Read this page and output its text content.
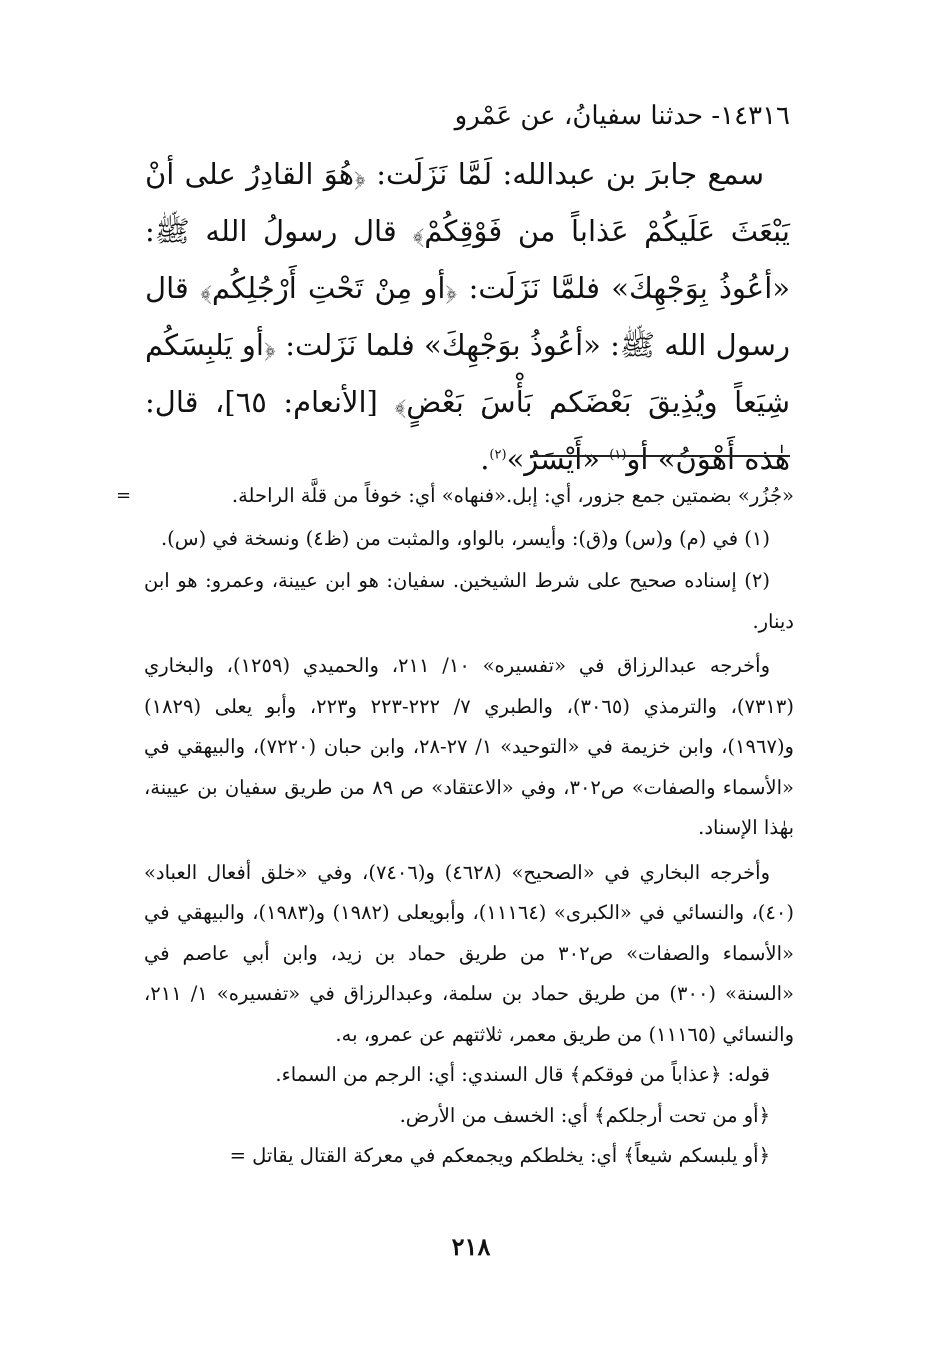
١٤٣١٦- حدثنا سفيانُ، عن عَمْرو

سمع جابرَ بن عبدالله: لَمَّا نَزَلَت: ﴿هُوَ القادِرُ على أنْ يَبْعَثَ عَلَيكُمْ عَذاباً من فَوْقِكُمْ﴾ قال رسولُ الله ﷺ: «أعُوذُ بِوَجْهِكَ» فلمَّا نَزَلَت: ﴿أو مِنْ تَحْتِ أَرْجُلِكُم﴾ قال رسول الله ﷺ: «أعُوذُ بوَجْهِكَ» فلما نَزَلت: ﴿أو يَلبِسَكُم شِيَعاً ويُذِيقَ بَعْضَكم بَأْسَ بَعْضٍ﴾ [الأنعام: ٦٥]، قال: هٰذه أَهْوَنُ» أو$^{(١)}$ «أَيْسَرُ»$^{(٢)}$.

=	«جُزُر» بضمتين جمع جزور، أي: إبل.«فنهاه» أي: خوفاً من قلَّة الراحلة.

(١) في (م) و(س) و(ق): وأيسر، بالواو، والمثبت من (ظ٤) ونسخة في (س).

(٢) إسناده صحيح على شرط الشيخين. سفيان: هو ابن عيينة، وعمرو: هو ابن دينار.

وأخرجه عبدالرزاق في «تفسيره» ١٠/ ٢١١، والحميدي (١٢٥٩)، والبخاري (٧٣١٣)، والترمذي (٣٠٦٥)، والطبري ٧/ ٢٢٢-٢٢٣ و٢٢٣، وأبو يعلى (١٨٢٩) و(١٩٦٧)، وابن خزيمة في «التوحيد» ١/ ٢٧-٢٨، وابن حبان (٧٢٢٠)، والبيهقي في «الأسماء والصفات» ص٣٠٢، وفي «الاعتقاد» ص ٨٩ من طريق سفيان بن عيينة، بهٰذا الإسناد.

وأخرجه البخاري في «الصحيح» (٤٦٢٨) و(٧٤٠٦)، وفي «خلق أفعال العباد» (٤٠)، والنسائي في «الكبرى» (١١١٦٤)، وأبويعلى (١٩٨٢) و(١٩٨٣)، والبيهقي في «الأسماء والصفات» ص٣٠٢ من طريق حماد بن زيد، وابن أبي عاصم في «السنة» (٣٠٠) من طريق حماد بن سلمة، وعبدالرزاق في «تفسيره» ١/ ٢١١، والنسائي (١١١٦٥) من طريق معمر، ثلاثتهم عن عمرو، به.

قوله: ﴿عذاباً من فوقكم﴾ قال السندي: أي: الرجم من السماء.

﴿أو من تحت أرجلكم﴾ أي: الخسف من الأرض.

﴿أو يلبسكم شيعاً﴾ أي: يخلطكم ويجمعكم في معركة القتال يقاتل =

٢١٨
